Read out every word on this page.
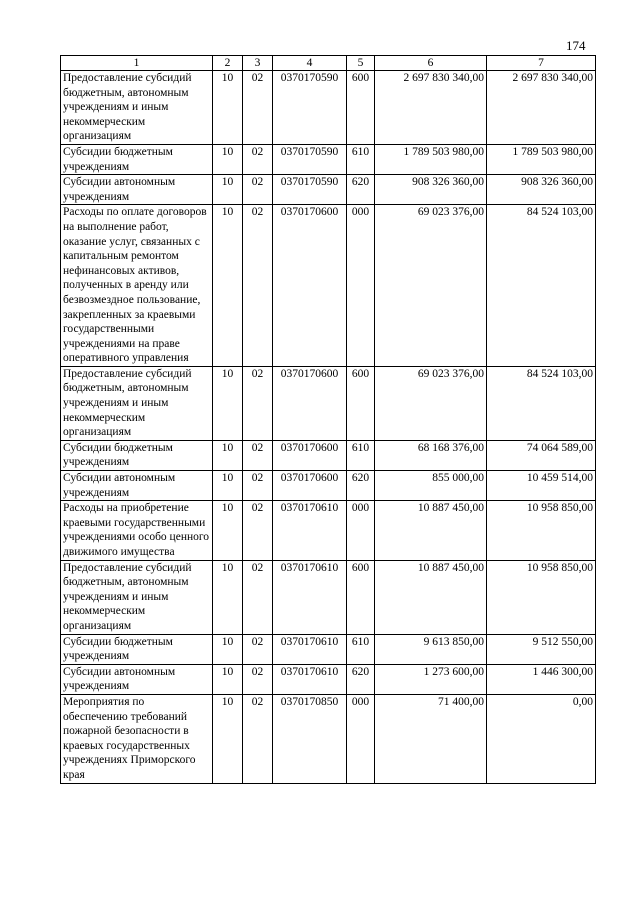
174
1	2	3	4	5	6	7
Предоставление субсидий бюджетным, автономным учреждениям и иным некоммерческим организациям	10	02	0370170590	600	2 697 830 340,00	2 697 830 340,00
Субсидии бюджетным учреждениям	10	02	0370170590	610	1 789 503 980,00	1 789 503 980,00
Субсидии автономным учреждениям	10	02	0370170590	620	908 326 360,00	908 326 360,00
Расходы по оплате договоров на выполнение работ, оказание услуг, связанных с капитальным ремонтом нефинансовых активов, полученных в аренду или безвозмездное пользование, закрепленных за краевыми государственными учреждениями на праве оперативного управления	10	02	0370170600	000	69 023 376,00	84 524 103,00
Предоставление субсидий бюджетным, автономным учреждениям и иным некоммерческим организациям	10	02	0370170600	600	69 023 376,00	84 524 103,00
Субсидии бюджетным учреждениям	10	02	0370170600	610	68 168 376,00	74 064 589,00
Субсидии автономным учреждениям	10	02	0370170600	620	855 000,00	10 459 514,00
Расходы на приобретение краевыми государственными учреждениями особо ценного движимого имущества	10	02	0370170610	000	10 887 450,00	10 958 850,00
Предоставление субсидий бюджетным, автономным учреждениям и иным некоммерческим организациям	10	02	0370170610	600	10 887 450,00	10 958 850,00
Субсидии бюджетным учреждениям	10	02	0370170610	610	9 613 850,00	9 512 550,00
Субсидии автономным учреждениям	10	02	0370170610	620	1 273 600,00	1 446 300,00
Мероприятия по обеспечению требований пожарной безопасности в краевых государственных учреждениях Приморского края	10	02	0370170850	000	71 400,00	0,00
